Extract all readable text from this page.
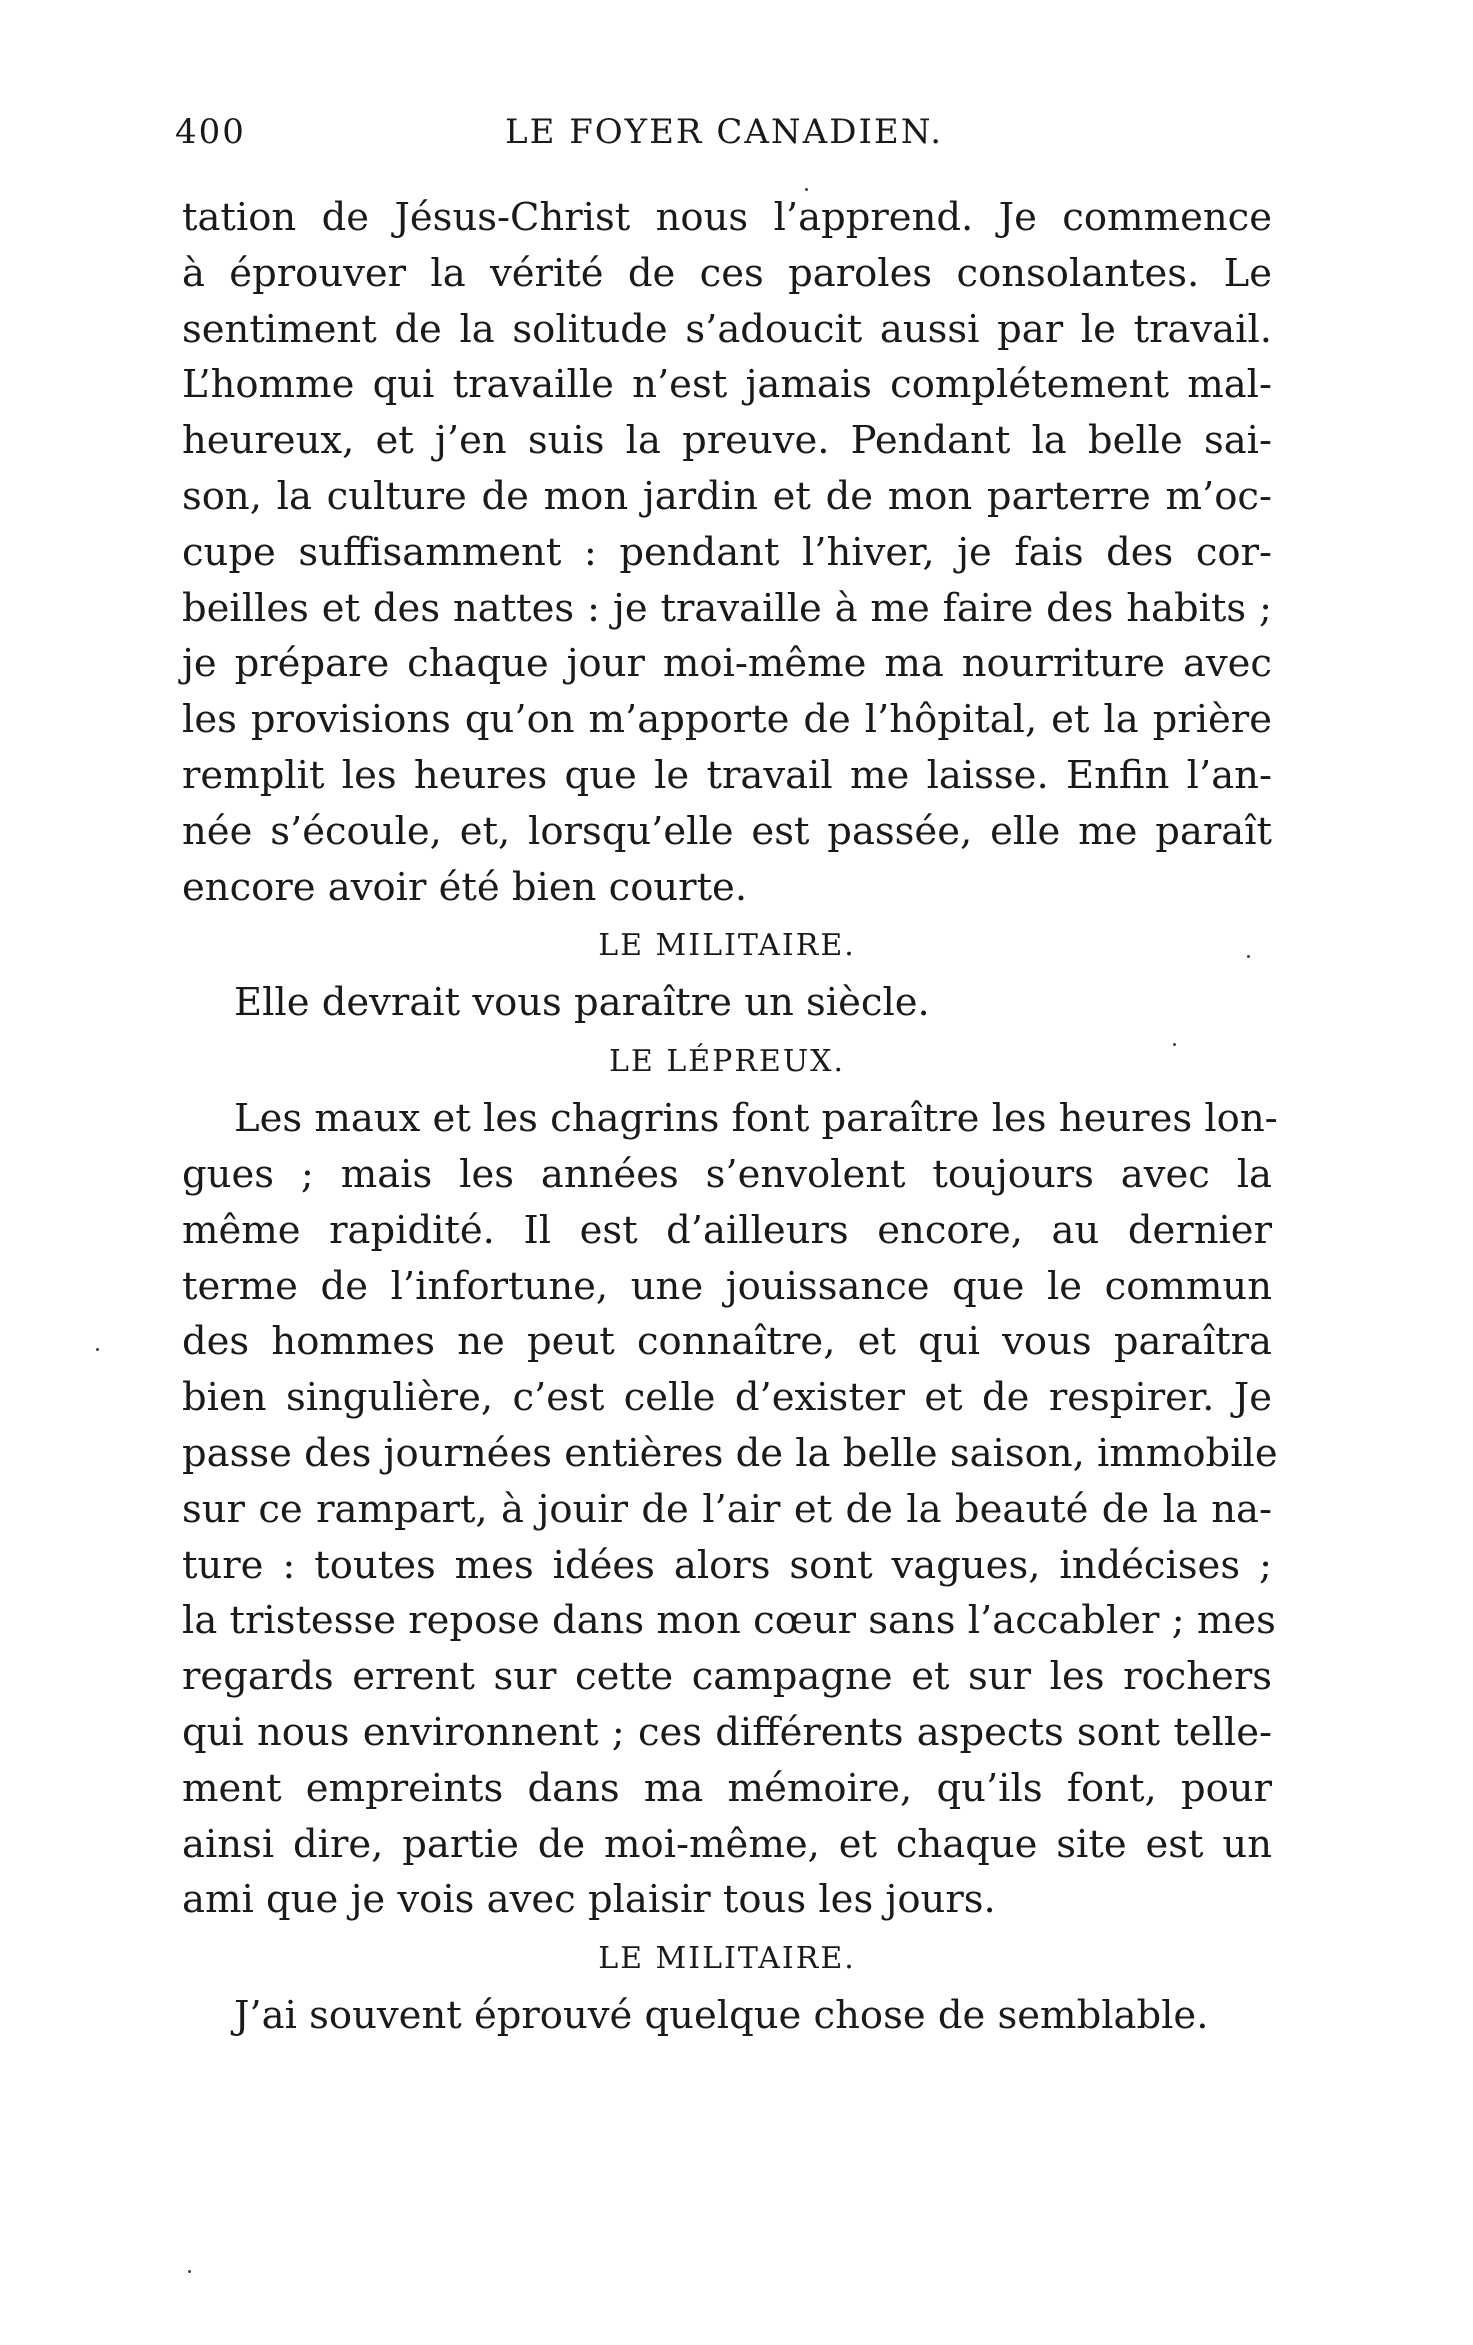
400	LE FOYER CANADIEN.
tation de Jésus-Christ nous l’apprend. Je commence
à éprouver la vérité de ces paroles consolantes. Le
sentiment de la solitude s’adoucit aussi par le travail.
L’homme qui travaille n’est jamais complétement mal-
heureux, et j’en suis la preuve. Pendant la belle sai-
son, la culture de mon jardin et de mon parterre m’oc-
cupe suffisamment : pendant l’hiver, je fais des cor-
beilles et des nattes : je travaille à me faire des habits ;
je prépare chaque jour moi-même ma nourriture avec
les provisions qu’on m’apporte de l’hôpital, et la prière
remplit les heures que le travail me laisse. Enfin l’an-
née s’écoule, et, lorsqu’elle est passée, elle me paraît
encore avoir été bien courte.
LE MILITAIRE.
Elle devrait vous paraître un siècle.
LE LÉPREUX.
Les maux et les chagrins font paraître les heures lon-
gues ; mais les années s’envolent toujours avec la
même rapidité. Il est d’ailleurs encore, au dernier
terme de l’infortune, une jouissance que le commun
des hommes ne peut connaître, et qui vous paraîtra
bien singulière, c’est celle d’exister et de respirer. Je
passe des journées entières de la belle saison, immobile
sur ce rampart, à jouir de l’air et de la beauté de la na-
ture : toutes mes idées alors sont vagues, indécises ;
la tristesse repose dans mon cœur sans l’accabler ; mes
regards errent sur cette campagne et sur les rochers
qui nous environnent ; ces différents aspects sont telle-
ment empreints dans ma mémoire, qu’ils font, pour
ainsi dire, partie de moi-même, et chaque site est un
ami que je vois avec plaisir tous les jours.
LE MILITAIRE.
J’ai souvent éprouvé quelque chose de semblable.
